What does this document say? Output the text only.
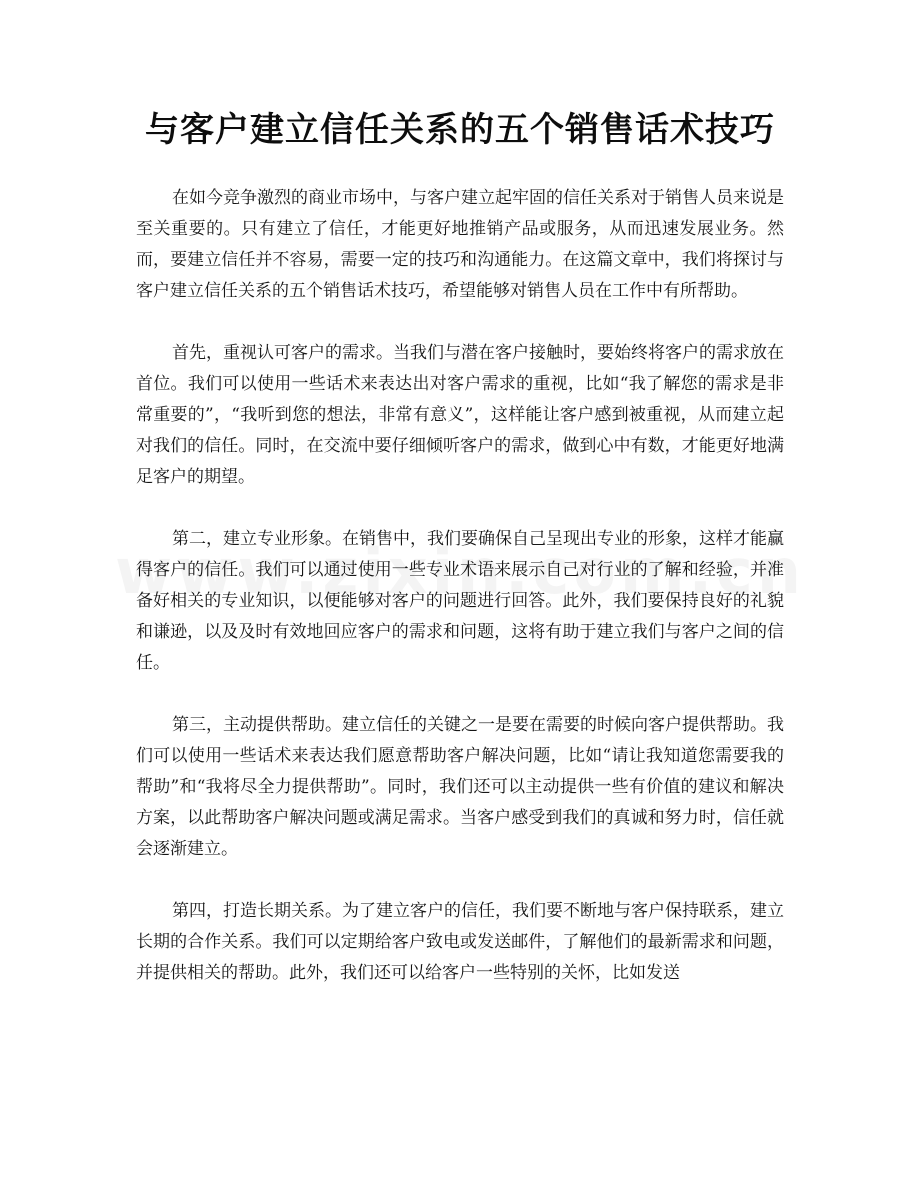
与客户建立信任关系的五个销售话术技巧

在如今竞争激烈的商业市场中，与客户建立起牢固的信任关系对于销售人员来说是至关重要的。只有建立了信任，才能更好地推销产品或服务，从而迅速发展业务。然而，要建立信任并不容易，需要一定的技巧和沟通能力。在这篇文章中，我们将探讨与客户建立信任关系的五个销售话术技巧，希望能够对销售人员在工作中有所帮助。

首先，重视认可客户的需求。当我们与潜在客户接触时，要始终将客户的需求放在首位。我们可以使用一些话术来表达出对客户需求的重视，比如“我了解您的需求是非常重要的”，“我听到您的想法，非常有意义”，这样能让客户感到被重视，从而建立起对我们的信任。同时，在交流中要仔细倾听客户的需求，做到心中有数，才能更好地满足客户的期望。

第二，建立专业形象。在销售中，我们要确保自己呈现出专业的形象，这样才能赢得客户的信任。我们可以通过使用一些专业术语来展示自己对行业的了解和经验，并准备好相关的专业知识，以便能够对客户的问题进行回答。此外，我们要保持良好的礼貌和谦逊，以及及时有效地回应客户的需求和问题，这将有助于建立我们与客户之间的信任。

第三，主动提供帮助。建立信任的关键之一是要在需要的时候向客户提供帮助。我们可以使用一些话术来表达我们愿意帮助客户解决问题，比如“请让我知道您需要我的帮助”和“我将尽全力提供帮助”。同时，我们还可以主动提供一些有价值的建议和解决方案，以此帮助客户解决问题或满足需求。当客户感受到我们的真诚和努力时，信任就会逐渐建立。

第四，打造长期关系。为了建立客户的信任，我们要不断地与客户保持联系，建立长期的合作关系。我们可以定期给客户致电或发送邮件，了解他们的最新需求和问题，并提供相关的帮助。此外，我们还可以给客户一些特别的关怀，比如发送
